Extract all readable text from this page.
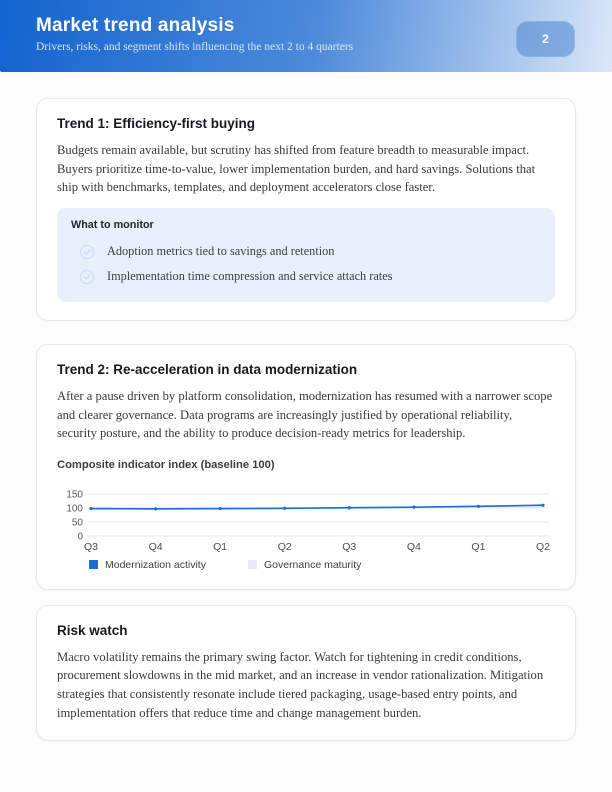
Market trend analysis

Drivers, risks, and segment shifts influencing the next 2 to 4 quarters

2
Trend 1: Efficiency-first buying

Budgets remain available, but scrutiny has shifted from feature breadth to measurable impact. Buyers prioritize time-to-value, lower implementation burden, and hard savings. Solutions that ship with benchmarks, templates, and deployment accelerators close faster.

What to monitor
Adoption metrics tied to savings and retention
Implementation time compression and service attach rates
Trend 2: Re-acceleration in data modernization

After a pause driven by platform consolidation, modernization has resumed with a narrower scope and clearer governance. Data programs are increasingly justified by operational reliability, security posture, and the ability to produce decision-ready metrics for leadership.

Composite indicator index (baseline 100)
150
100
50
0
Q3	Q4	Q1	Q2	Q3	Q4	Q1	Q2
Modernization activity	Governance maturity
Risk watch

Macro volatility remains the primary swing factor. Watch for tightening in credit conditions, procurement slowdowns in the mid market, and an increase in vendor rationalization. Mitigation strategies that consistently resonate include tiered packaging, usage-based entry points, and implementation offers that reduce time and change management burden.
